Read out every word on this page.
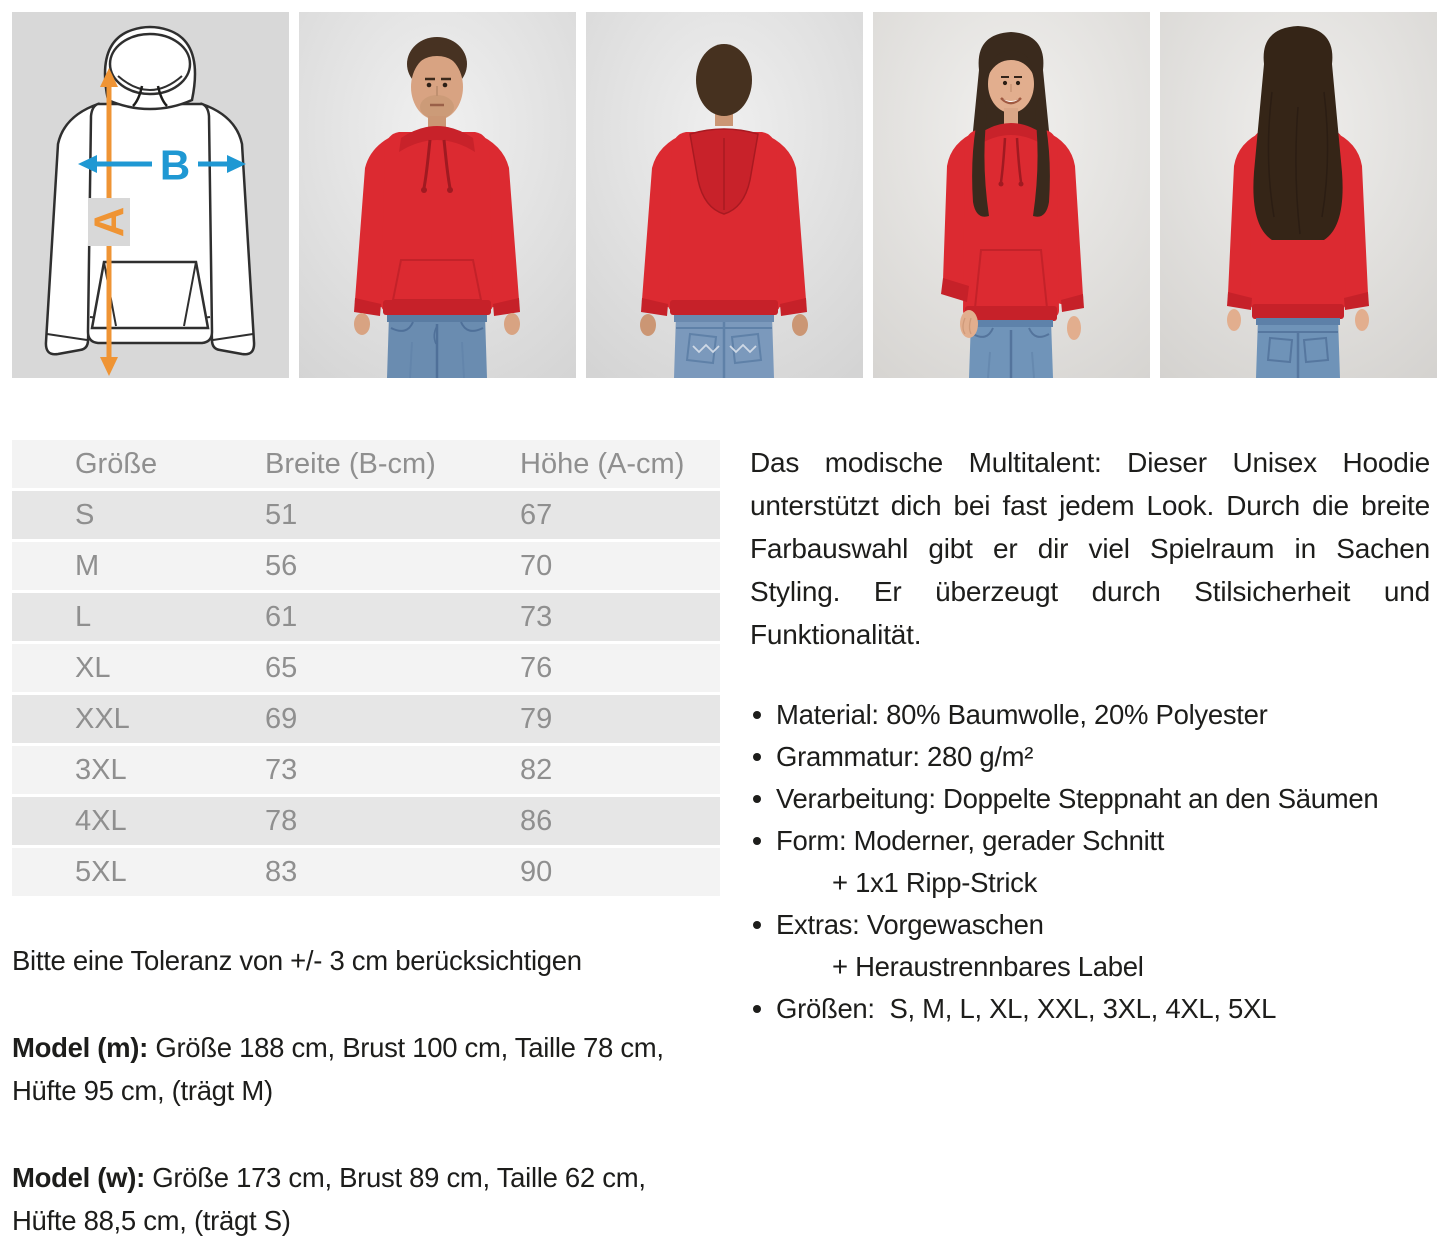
A
B
Größe	Breite (B-cm)	Höhe (A-cm)
S	51	67
M	56	70
L	61	73
XL	65	76
XXL	69	79
3XL	73	82
4XL	78	86
5XL	83	90

Bitte eine Toleranz von +/- 3 cm berücksichtigen

Model (m): Größe 188 cm, Brust 100 cm, Taille 78 cm, Hüfte 95 cm, (trägt M)

Model (w): Größe 173 cm, Brust 89 cm, Taille 62 cm, Hüfte 88,5 cm, (trägt S)

Das modische Multitalent: Dieser Unisex Hoodie unterstützt dich bei fast jedem Look. Durch die breite Farbauswahl gibt er dir viel Spielraum in Sachen Styling. Er überzeugt durch Stilsicherheit und Funktionalität.

Material: 80% Baumwolle, 20% Polyester
Grammatur: 280 g/m²
Verarbeitung: Doppelte Steppnaht an den Säumen
Form: Moderner, gerader Schnitt
+ 1x1 Ripp-Strick
Extras: Vorgewaschen
+ Heraustrennbares Label
Größen:  S, M, L, XL, XXL, 3XL, 4XL, 5XL
